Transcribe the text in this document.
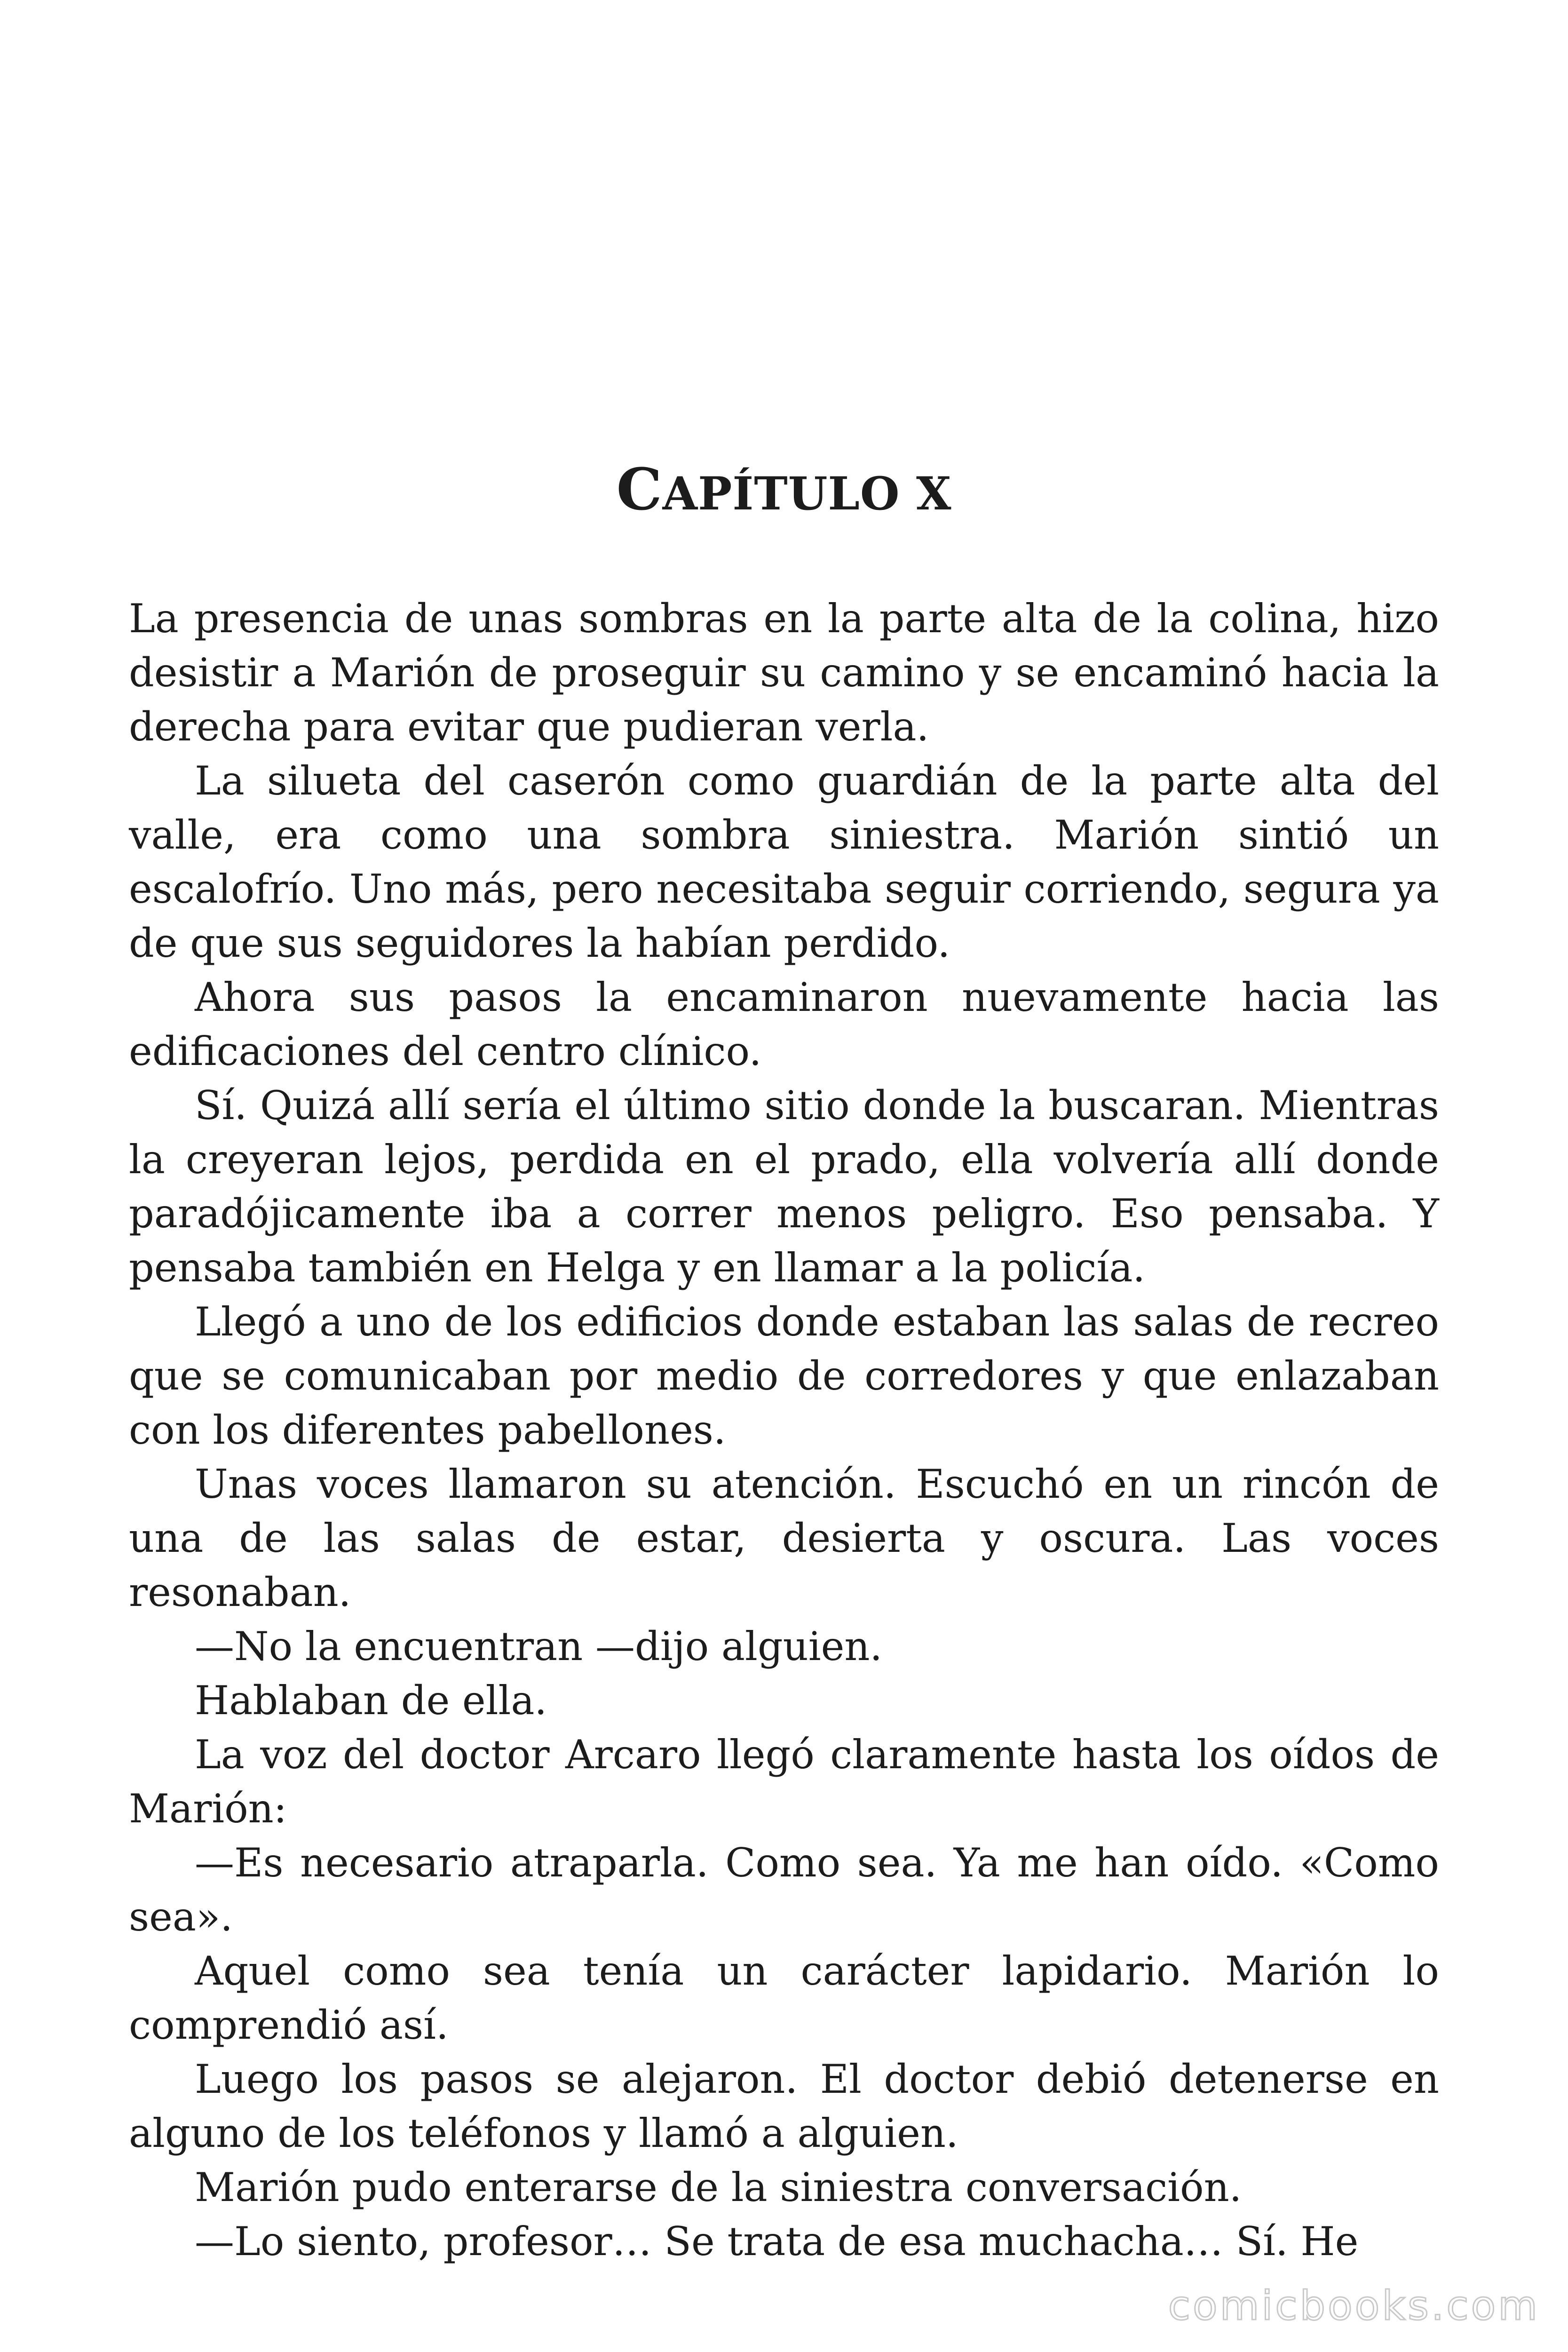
CAPÍTULO X

La presencia de unas sombras en la parte alta de la colina, hizo desistir a Marión de proseguir su camino y se encaminó hacia la derecha para evitar que pudieran verla.

La silueta del caserón como guardián de la parte alta del valle, era como una sombra siniestra. Marión sintió un escalofrío. Uno más, pero necesitaba seguir corriendo, segura ya de que sus seguidores la habían perdido.

Ahora sus pasos la encaminaron nuevamente hacia las edificaciones del centro clínico.

Sí. Quizá allí sería el último sitio donde la buscaran. Mientras la creyeran lejos, perdida en el prado, ella volvería allí donde paradójicamente iba a correr menos peligro. Eso pensaba. Y pensaba también en Helga y en llamar a la policía.

Llegó a uno de los edificios donde estaban las salas de recreo que se comunicaban por medio de corredores y que enlazaban con los diferentes pabellones.

Unas voces llamaron su atención. Escuchó en un rincón de una de las salas de estar, desierta y oscura. Las voces resonaban.

—No la encuentran —dijo alguien.

Hablaban de ella.

La voz del doctor Arcaro llegó claramente hasta los oídos de Marión:

—Es necesario atraparla. Como sea. Ya me han oído. «Como sea».

Aquel como sea tenía un carácter lapidario. Marión lo comprendió así.

Luego los pasos se alejaron. El doctor debió detenerse en alguno de los teléfonos y llamó a alguien.

Marión pudo enterarse de la siniestra conversación.

—Lo siento, profesor… Se trata de esa muchacha… Sí. He

comicbooks.com
